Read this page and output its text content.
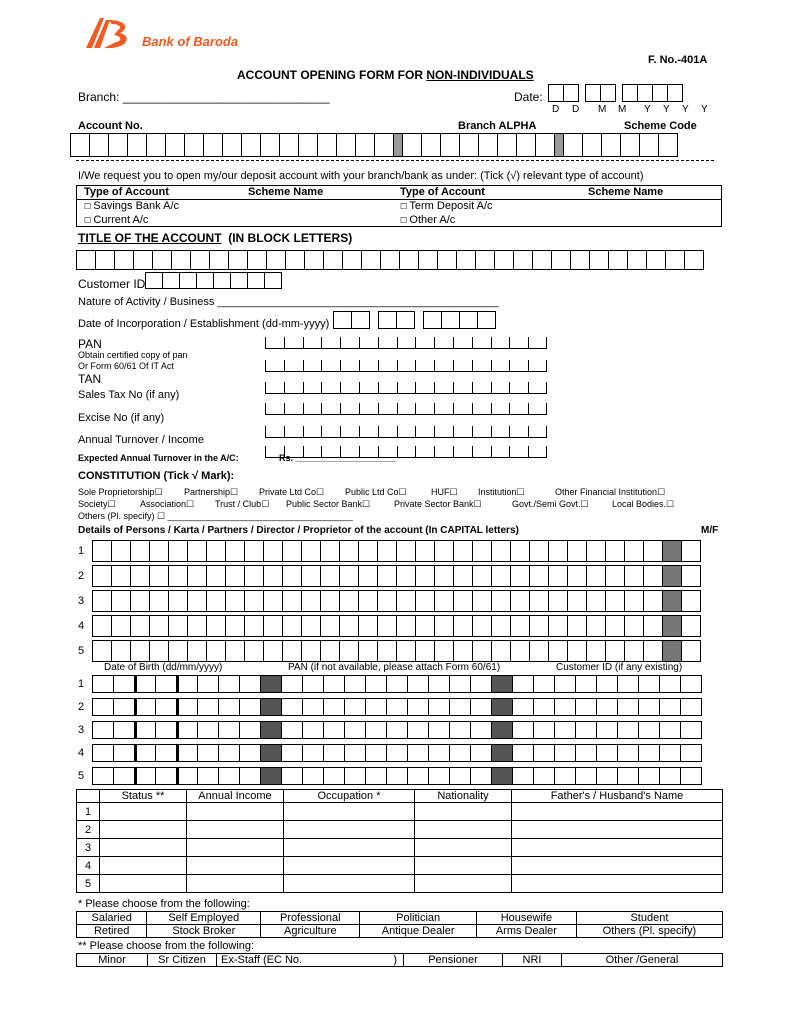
Bank of Baroda
F. No.-401A
ACCOUNT OPENING FORM FOR NON-INDIVIDUALS
Branch: _______________________________	Date:
D D M M Y Y Y Y
Account No.	Branch ALPHA	Scheme Code
I/We request you to open my/our deposit account with your branch/bank as under: (Tick (√) relevant type of account)
Type of Account	Scheme Name	Type of Account	Scheme Name
☐ Savings Bank A/c	☐ Term Deposit A/c
☐ Current A/c	☐ Other A/c
TITLE OF THE ACCOUNT (IN BLOCK LETTERS)
Customer ID
Nature of Activity / Business ______________________________________________
Date of Incorporation / Establishment (dd-mm-yyyy)
PAN
Obtain certified copy of pan
Or Form 60/61 Of IT Act
TAN
Sales Tax No (if any)
Excise No (if any)
Annual Turnover / Income
Expected Annual Turnover in the A/C:	Rs. ____________________
CONSTITUTION (Tick √ Mark):
Sole Proprietorship☐ Partnership☐ Private Ltd Co☐ Public Ltd Co☐	HUF☐ Institution☐	Other Financial Institution☐
Society☐	Association☐ Trust / Club☐ Public Sector Bank☐	Private Sector Bank☐	Govt./Semi Govt.☐	Local Bodies.☐
Others (Pl. specify) ☐ _____________________________________
Details of Persons / Karta / Partners / Director / Proprietor of the account (In CAPITAL letters)	M/F
1
2
3
4
5
Date of Birth (dd/mm/yyyy)	PAN (if not available, please attach Form 60/61)	Customer ID (if any existing)
1
2
3
4
5
	Status **	Annual Income	Occupation *	Nationality	Father's / Husband's Name
1					
2					
3					
4					
5					
* Please choose from the following:
Salaried	Self Employed	Professional	Politician	Housewife	Student
Retired	Stock Broker	Agriculture	Antique Dealer	Arms Dealer	Others (Pl. specify)
** Please choose from the following:
Minor	Sr Citizen	Ex-Staff (EC No.	)	Pensioner	NRI	Other /General
